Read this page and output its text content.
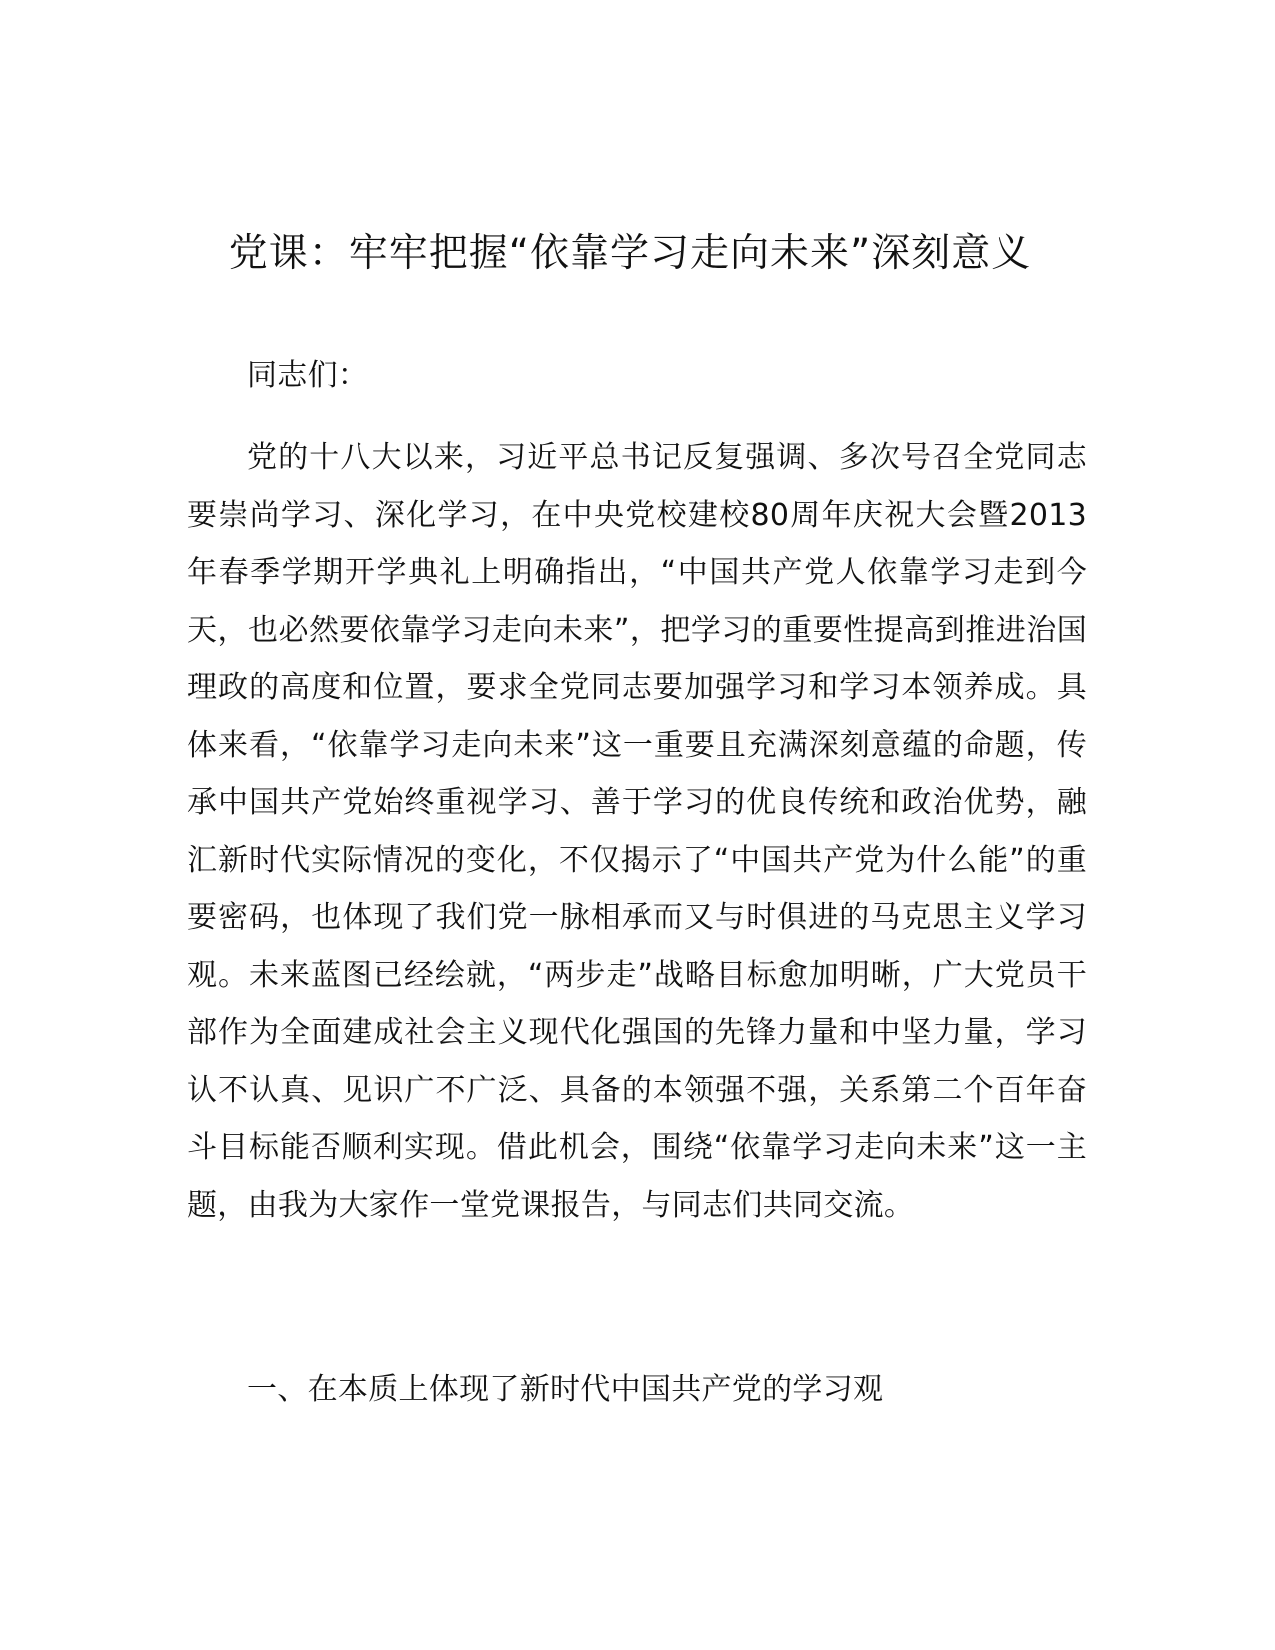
党课：牢牢把握“依靠学习走向未来”深刻意义

同志们：

党的十八大以来，习近平总书记反复强调、多次号召全党同志要崇尚学习、深化学习，在中央党校建校80周年庆祝大会暨2013年春季学期开学典礼上明确指出，“中国共产党人依靠学习走到今天，也必然要依靠学习走向未来”，把学习的重要性提高到推进治国理政的高度和位置，要求全党同志要加强学习和学习本领养成。具体来看，“依靠学习走向未来”这一重要且充满深刻意蕴的命题，传承中国共产党始终重视学习、善于学习的优良传统和政治优势，融汇新时代实际情况的变化，不仅揭示了“中国共产党为什么能”的重要密码，也体现了我们党一脉相承而又与时俱进的马克思主义学习观。未来蓝图已经绘就，“两步走”战略目标愈加明晰，广大党员干部作为全面建成社会主义现代化强国的先锋力量和中坚力量，学习认不认真、见识广不广泛、具备的本领强不强，关系第二个百年奋斗目标能否顺利实现。借此机会，围绕“依靠学习走向未来”这一主题，由我为大家作一堂党课报告，与同志们共同交流。

一、在本质上体现了新时代中国共产党的学习观
